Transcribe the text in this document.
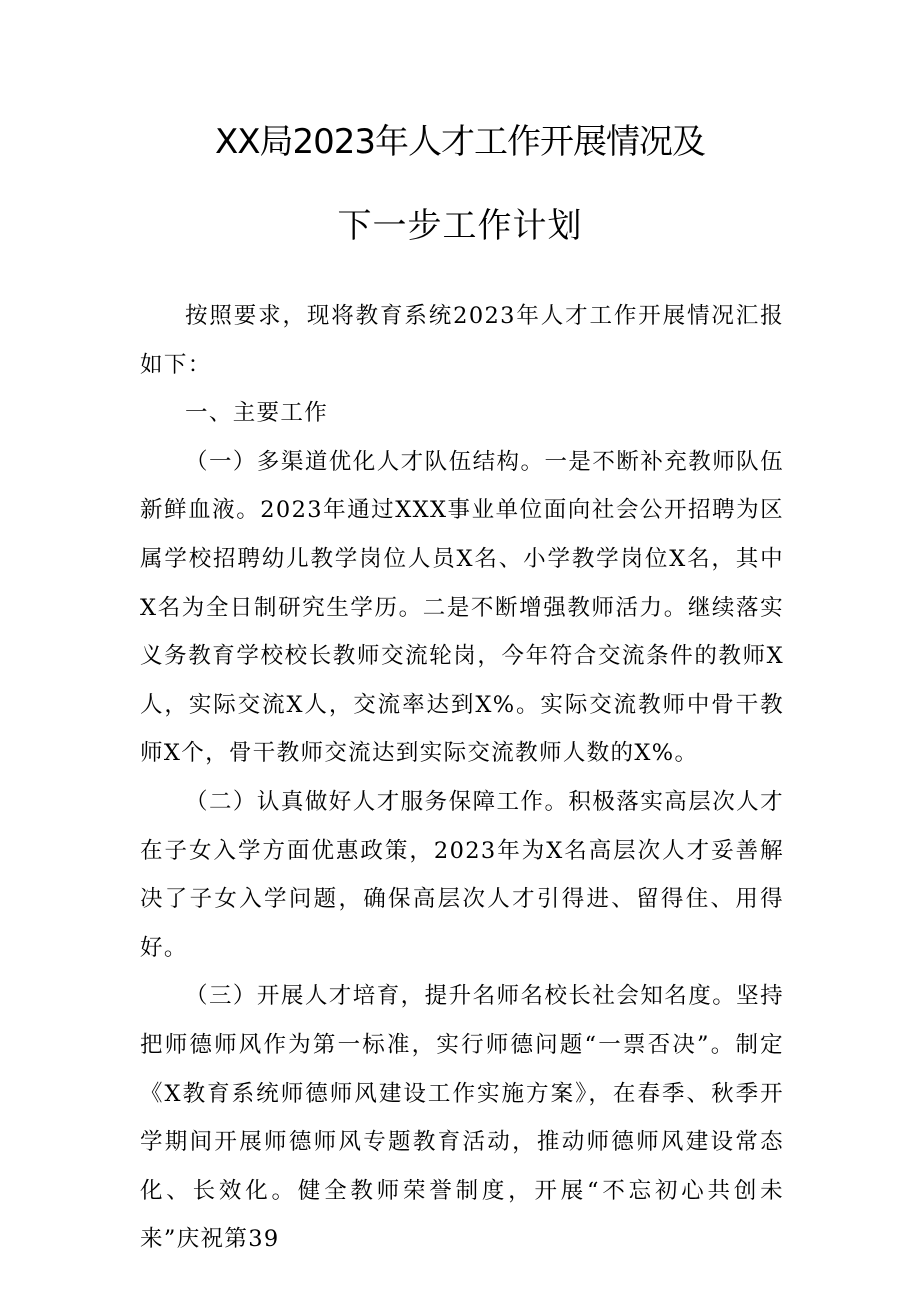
XX局2023年人才工作开展情况及
下一步工作计划

按照要求，现将教育系统2023年人才工作开展情况汇报如下：

一、主要工作

（一）多渠道优化人才队伍结构。一是不断补充教师队伍新鲜血液。2023年通过XXX事业单位面向社会公开招聘为区属学校招聘幼儿教学岗位人员X名、小学教学岗位X名，其中X名为全日制研究生学历。二是不断增强教师活力。继续落实义务教育学校校长教师交流轮岗，今年符合交流条件的教师X人，实际交流X人，交流率达到X%。实际交流教师中骨干教师X个，骨干教师交流达到实际交流教师人数的X%。

（二）认真做好人才服务保障工作。积极落实高层次人才在子女入学方面优惠政策，2023年为X名高层次人才妥善解决了子女入学问题，确保高层次人才引得进、留得住、用得好。

（三）开展人才培育，提升名师名校长社会知名度。坚持把师德师风作为第一标准，实行师德问题“一票否决”。制定《X教育系统师德师风建设工作实施方案》，在春季、秋季开学期间开展师德师风专题教育活动，推动师德师风建设常态化、长效化。健全教师荣誉制度，开展“不忘初心共创未来”庆祝第39
